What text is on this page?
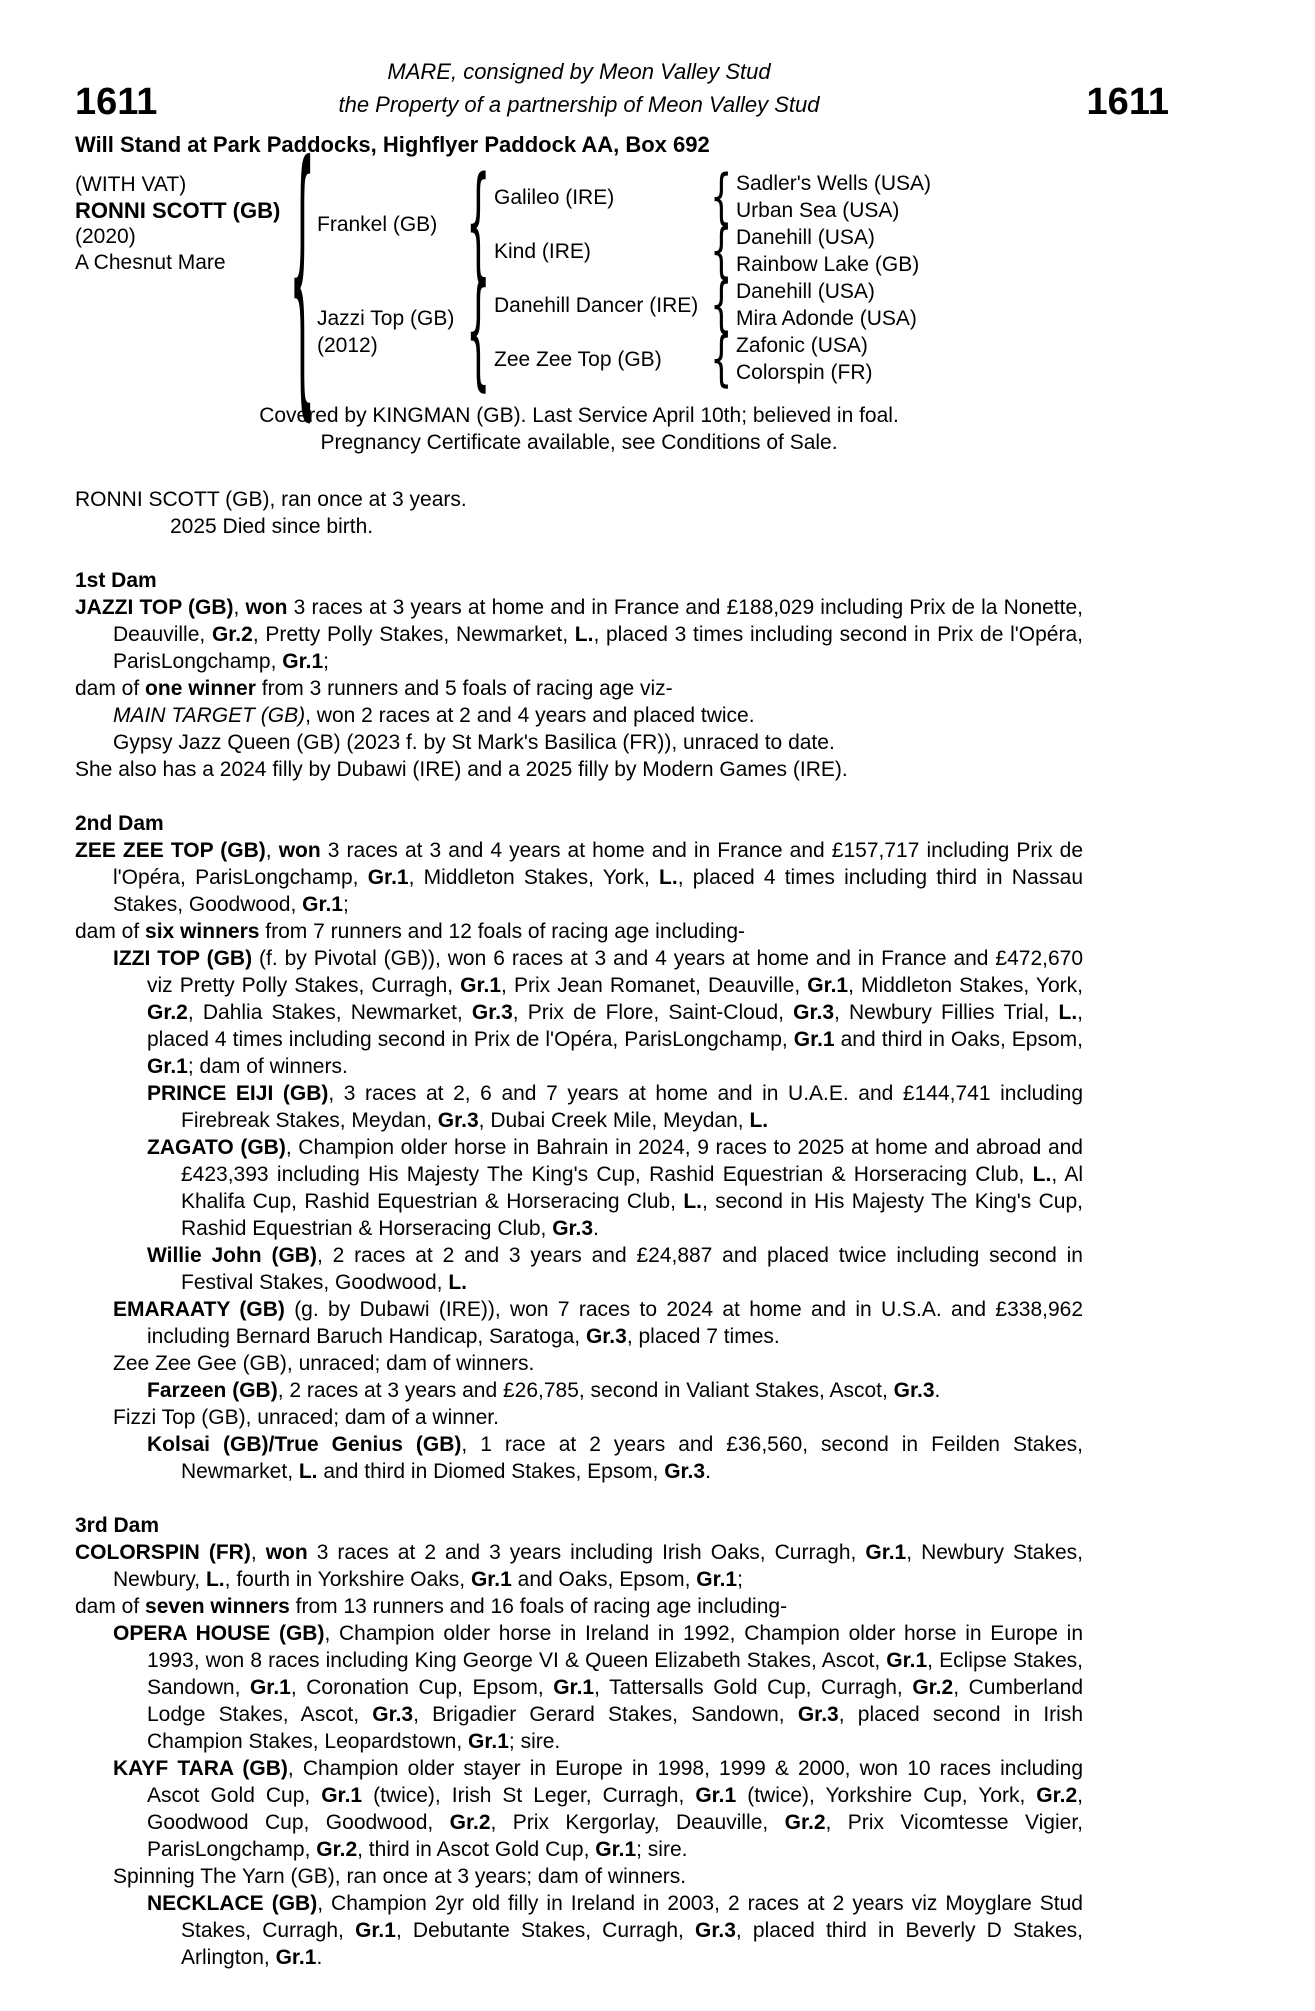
1611	1611
MARE, consigned by Meon Valley Stud
the Property of a partnership of Meon Valley Stud
Will Stand at Park Paddocks, Highflyer Paddock AA, Box 692
(WITH VAT)
RONNI SCOTT (GB)
(2020)
A Chesnut Mare	{ Frankel (GB)
Jazzi Top (GB)
(2012)
{
{
Galileo (IRE)
Kind (IRE)
Danehill Dancer (IRE)
Zee Zee Top (GB)
{
{
{
{
Sadler's Wells (USA)
Urban Sea (USA)
Danehill (USA)
Rainbow Lake (GB)
Danehill (USA)
Mira Adonde (USA)
Zafonic (USA)
Colorspin (FR)
Covered by KINGMAN (GB). Last Service April 10th; believed in foal.
Pregnancy Certificate available, see Conditions of Sale.
RONNI SCOTT (GB), ran once at 3 years.
2025 Died since birth.
1st Dam
JAZZI TOP (GB), won 3 races at 3 years at home and in France and £188,029 including Prix de la Nonette, Deauville, Gr.2, Pretty Polly Stakes, Newmarket, L., placed 3 times including second in Prix de l'Opéra, ParisLongchamp, Gr.1;
dam of one winner from 3 runners and 5 foals of racing age viz-
MAIN TARGET (GB), won 2 races at 2 and 4 years and placed twice.
Gypsy Jazz Queen (GB) (2023 f. by St Mark's Basilica (FR)), unraced to date.
She also has a 2024 filly by Dubawi (IRE) and a 2025 filly by Modern Games (IRE).
2nd Dam
ZEE ZEE TOP (GB), won 3 races at 3 and 4 years at home and in France and £157,717 including Prix de l'Opéra, ParisLongchamp, Gr.1, Middleton Stakes, York, L., placed 4 times including third in Nassau Stakes, Goodwood, Gr.1;
dam of six winners from 7 runners and 12 foals of racing age including-
IZZI TOP (GB) (f. by Pivotal (GB)), won 6 races at 3 and 4 years at home and in France and £472,670 viz Pretty Polly Stakes, Curragh, Gr.1, Prix Jean Romanet, Deauville, Gr.1, Middleton Stakes, York, Gr.2, Dahlia Stakes, Newmarket, Gr.3, Prix de Flore, Saint-Cloud, Gr.3, Newbury Fillies Trial, L., placed 4 times including second in Prix de l'Opéra, ParisLongchamp, Gr.1 and third in Oaks, Epsom, Gr.1; dam of winners.
PRINCE EIJI (GB), 3 races at 2, 6 and 7 years at home and in U.A.E. and £144,741 including Firebreak Stakes, Meydan, Gr.3, Dubai Creek Mile, Meydan, L.
ZAGATO (GB), Champion older horse in Bahrain in 2024, 9 races to 2025 at home and abroad and £423,393 including His Majesty The King's Cup, Rashid Equestrian & Horseracing Club, L., Al Khalifa Cup, Rashid Equestrian & Horseracing Club, L., second in His Majesty The King's Cup, Rashid Equestrian & Horseracing Club, Gr.3.
Willie John (GB), 2 races at 2 and 3 years and £24,887 and placed twice including second in Festival Stakes, Goodwood, L.
EMARAATY (GB) (g. by Dubawi (IRE)), won 7 races to 2024 at home and in U.S.A. and £338,962 including Bernard Baruch Handicap, Saratoga, Gr.3, placed 7 times.
Zee Zee Gee (GB), unraced; dam of winners.
Farzeen (GB), 2 races at 3 years and £26,785, second in Valiant Stakes, Ascot, Gr.3.
Fizzi Top (GB), unraced; dam of a winner.
Kolsai (GB)/True Genius (GB), 1 race at 2 years and £36,560, second in Feilden Stakes, Newmarket, L. and third in Diomed Stakes, Epsom, Gr.3.
3rd Dam
COLORSPIN (FR), won 3 races at 2 and 3 years including Irish Oaks, Curragh, Gr.1, Newbury Stakes, Newbury, L., fourth in Yorkshire Oaks, Gr.1 and Oaks, Epsom, Gr.1;
dam of seven winners from 13 runners and 16 foals of racing age including-
OPERA HOUSE (GB), Champion older horse in Ireland in 1992, Champion older horse in Europe in 1993, won 8 races including King George VI & Queen Elizabeth Stakes, Ascot, Gr.1, Eclipse Stakes, Sandown, Gr.1, Coronation Cup, Epsom, Gr.1, Tattersalls Gold Cup, Curragh, Gr.2, Cumberland Lodge Stakes, Ascot, Gr.3, Brigadier Gerard Stakes, Sandown, Gr.3, placed second in Irish Champion Stakes, Leopardstown, Gr.1; sire.
KAYF TARA (GB), Champion older stayer in Europe in 1998, 1999 & 2000, won 10 races including Ascot Gold Cup, Gr.1 (twice), Irish St Leger, Curragh, Gr.1 (twice), Yorkshire Cup, York, Gr.2, Goodwood Cup, Goodwood, Gr.2, Prix Kergorlay, Deauville, Gr.2, Prix Vicomtesse Vigier, ParisLongchamp, Gr.2, third in Ascot Gold Cup, Gr.1; sire.
Spinning The Yarn (GB), ran once at 3 years; dam of winners.
NECKLACE (GB), Champion 2yr old filly in Ireland in 2003, 2 races at 2 years viz Moyglare Stud Stakes, Curragh, Gr.1, Debutante Stakes, Curragh, Gr.3, placed third in Beverly D Stakes, Arlington, Gr.1.
